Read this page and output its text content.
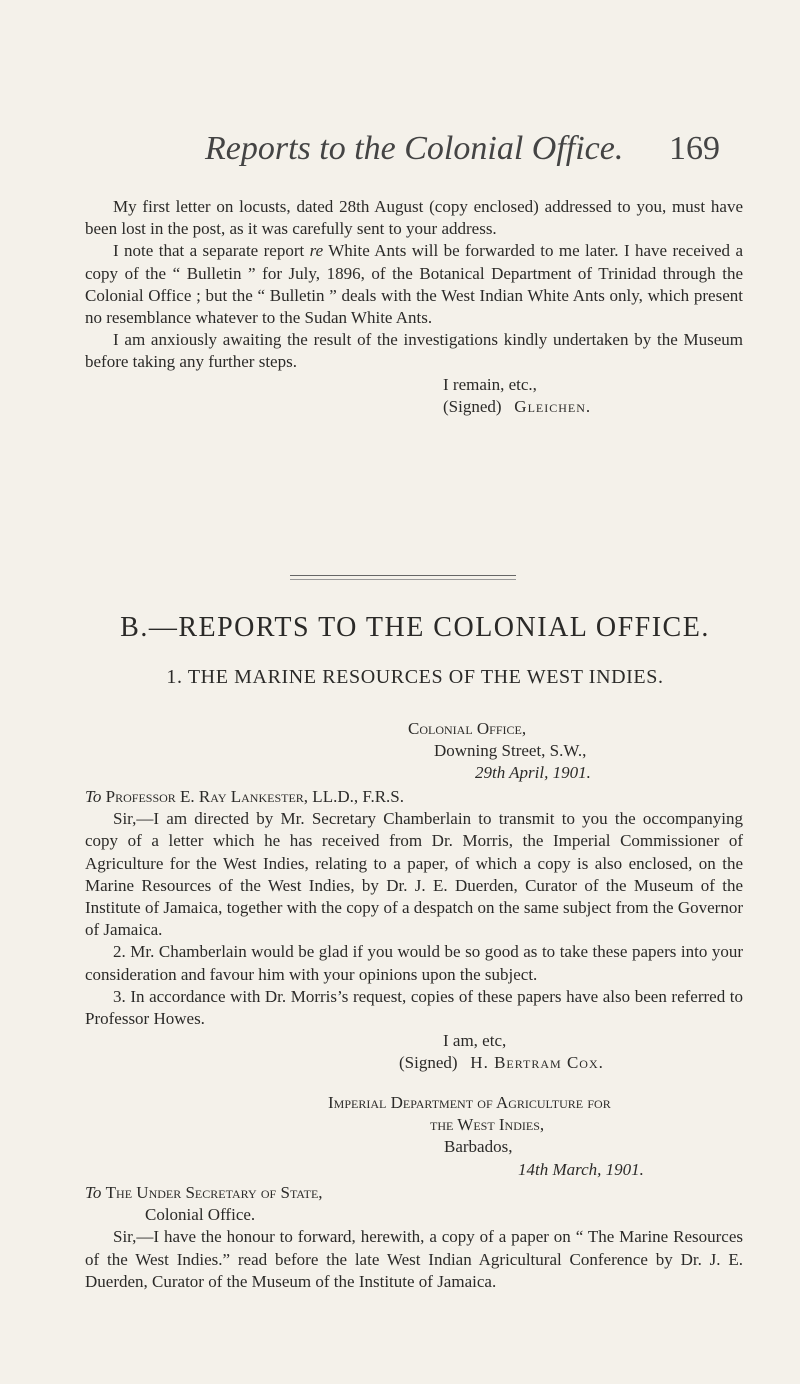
Reports to the Colonial Office. 169

My first letter on locusts, dated 28th August (copy enclosed) addressed to you, must have been lost in the post, as it was carefully sent to your address.

I note that a separate report re White Ants will be forwarded to me later. I have received a copy of the “ Bulletin ” for July, 1896, of the Botanical Department of Trinidad through the Colonial Office ; but the “ Bulletin ” deals with the West Indian White Ants only, which present no resemblance whatever to the Sudan White Ants.

I am anxiously awaiting the result of the investigations kindly undertaken by the Museum before taking any further steps.

I remain, etc.,

(Signed) Gleichen.

B.—REPORTS TO THE COLONIAL OFFICE.
1. THE MARINE RESOURCES OF THE WEST INDIES.
Colonial Office,
Downing Street, S.W.,
29th April, 1901.

To Professor E. Ray Lankester, LL.D., F.R.S.

Sir,—I am directed by Mr. Secretary Chamberlain to transmit to you the occompanying copy of a letter which he has received from Dr. Morris, the Imperial Commissioner of Agriculture for the West Indies, relating to a paper, of which a copy is also enclosed, on the Marine Resources of the West Indies, by Dr. J. E. Duerden, Curator of the Museum of the Institute of Jamaica, together with the copy of a despatch on the same subject from the Governor of Jamaica.

2. Mr. Chamberlain would be glad if you would be so good as to take these papers into your consideration and favour him with your opinions upon the subject.

3. In accordance with Dr. Morris’s request, copies of these papers have also been referred to Professor Howes.

I am, etc,

(Signed) H. Bertram Cox.

Imperial Department of Agriculture for
the West Indies,
Barbados,
14th March, 1901.

To The Under Secretary of State,

Colonial Office.

Sir,—I have the honour to forward, herewith, a copy of a paper on “ The Marine Resources of the West Indies.” read before the late West Indian Agricultural Conference by Dr. J. E. Duerden, Curator of the Museum of the Institute of Jamaica.
